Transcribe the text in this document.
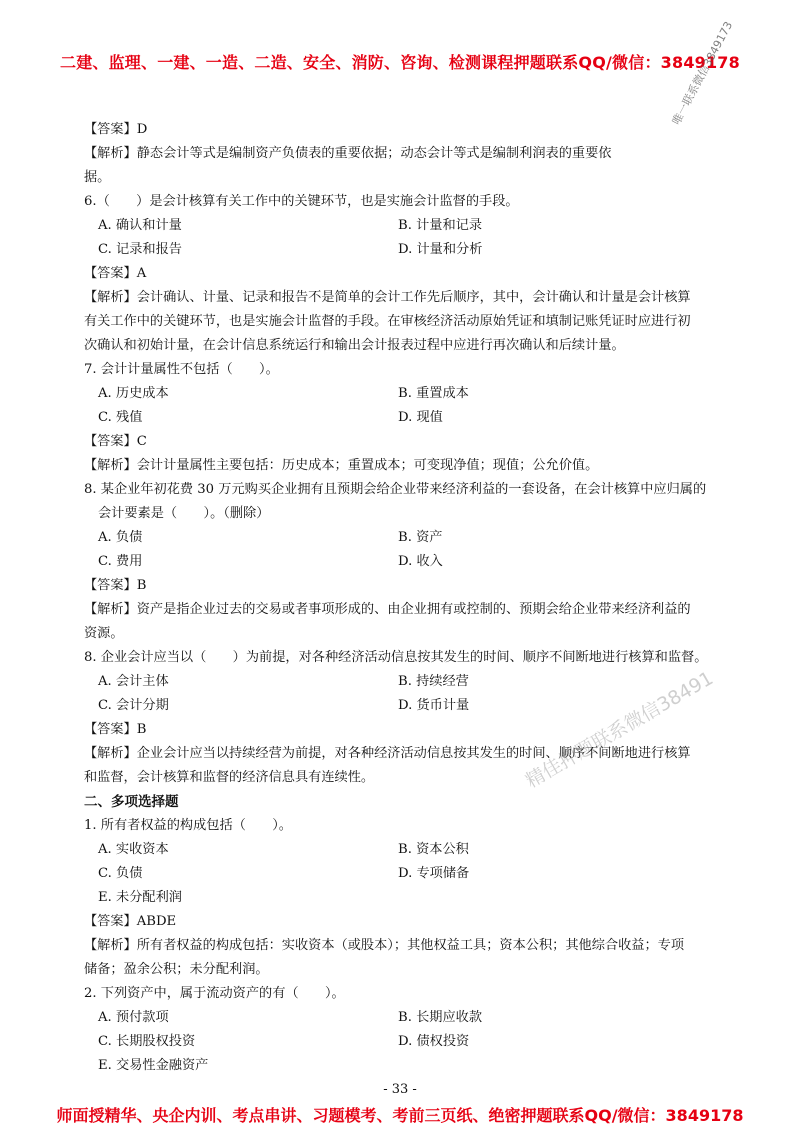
二建、监理、一建、一造、二造、安全、消防、咨询、检测课程押题联系QQ/微信：3849178
唯一联系微信3849173
精佳押题联系微信38491
【答案】D
【解析】静态会计等式是编制资产负债表的重要依据；动态会计等式是编制利润表的重要依
据。
6.（　　）是会计核算有关工作中的关键环节，也是实施会计监督的手段。
A. 确认和计量	B. 计量和记录
C. 记录和报告	D. 计量和分析
【答案】A
【解析】会计确认、计量、记录和报告不是简单的会计工作先后顺序，其中，会计确认和计量是会计核算
有关工作中的关键环节，也是实施会计监督的手段。在审核经济活动原始凭证和填制记账凭证时应进行初
次确认和初始计量，在会计信息系统运行和输出会计报表过程中应进行再次确认和后续计量。
7. 会计计量属性不包括（　　）。
A. 历史成本	B. 重置成本
C. 残值	D. 现值
【答案】C
【解析】会计计量属性主要包括：历史成本；重置成本；可变现净值；现值；公允价值。
8. 某企业年初花费 30 万元购买企业拥有且预期会给企业带来经济利益的一套设备，在会计核算中应归属的
会计要素是（　　）。（删除）
A. 负债	B. 资产
C. 费用	D. 收入
【答案】B
【解析】资产是指企业过去的交易或者事项形成的、由企业拥有或控制的、预期会给企业带来经济利益的
资源。
8. 企业会计应当以（　　）为前提，对各种经济活动信息按其发生的时间、顺序不间断地进行核算和监督。
A. 会计主体	B. 持续经营
C. 会计分期	D. 货币计量
【答案】B
【解析】企业会计应当以持续经营为前提，对各种经济活动信息按其发生的时间、顺序不间断地进行核算
和监督，会计核算和监督的经济信息具有连续性。
二、多项选择题
1. 所有者权益的构成包括（　　）。
A. 实收资本	B. 资本公积
C. 负债	D. 专项储备
E. 未分配利润
【答案】ABDE
【解析】所有者权益的构成包括：实收资本（或股本）；其他权益工具；资本公积；其他综合收益；专项
储备；盈余公积；未分配利润。
2. 下列资产中，属于流动资产的有（　　）。
A. 预付款项	B. 长期应收款
C. 长期股权投资	D. 债权投资
E. 交易性金融资产
- 33 -
师面授精华、央企内训、考点串讲、习题模考、考前三页纸、绝密押题联系QQ/微信：3849178
